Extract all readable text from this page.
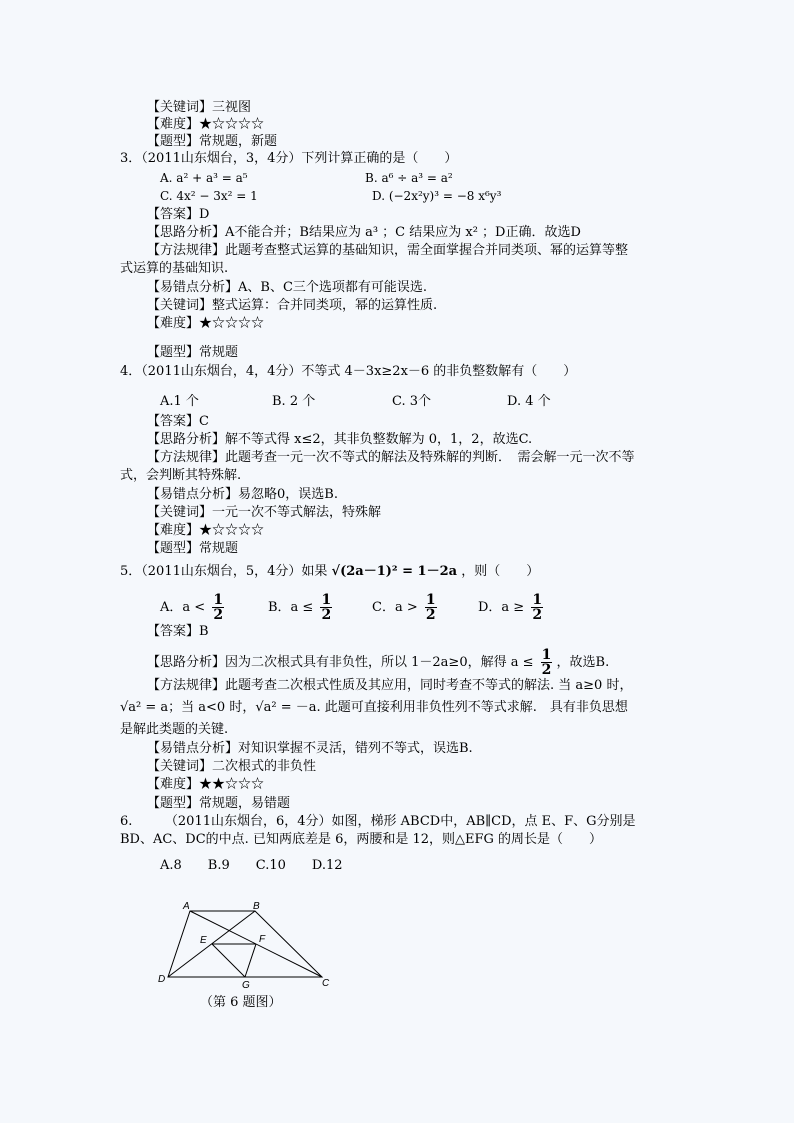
【关键词】三视图
【难度】★☆☆☆☆
【题型】常规题，新题
3．（2011山东烟台，3，4分）下列计算正确的是（　　）
A. a² + a³ = a⁵	B. a⁶ ÷ a³ = a²
C. 4x² − 3x² = 1	D. (−2x²y)³ = −8 x⁶y³
【答案】D
【思路分析】A不能合并；B结果应为 a³ ；C 结果应为 x² ；D正确．故选D
【方法规律】此题考查整式运算的基础知识，需全面掌握合并同类项、幂的运算等整
式运算的基础知识.
【易错点分析】A、B、C三个选项都有可能误选.
【关键词】整式运算：合并同类项，幂的运算性质.
【难度】★☆☆☆☆
【题型】常规题
4．（2011山东烟台，4，4分）不等式 4－3x≥2x－6 的非负整数解有（　　）
A.1 个	B. 2 个	C. 3个	D. 4 个
【答案】C
【思路分析】解不等式得 x≤2，其非负整数解为 0，1，2，故选C.
【方法规律】此题考查一元一次不等式的解法及特殊解的判断．　需会解一元一次不等
式，会判断其特殊解.
【易错点分析】易忽略0，误选B.
【关键词】一元一次不等式解法，特殊解
【难度】★☆☆☆☆
【题型】常规题
5．（2011山东烟台，5，4分）如果 √(2a－1)² = 1－2a ，则（　　）
A．$a < \frac{1}{2}$	B．$a \le \frac{1}{2}$	C．$a > \frac{1}{2}$	D．$a \ge \frac{1}{2}$
【答案】B
【思路分析】因为二次根式具有非负性，所以 1－2a≥0，解得 $a \le \frac{1}{2}$ ，故选B.
【方法规律】此题考查二次根式性质及其应用，同时考查不等式的解法. 当 a≥0 时，
√a² = a；当 a<0 时，√a² = －a. 此题可直接利用非负性列不等式求解.　具有非负思想
是解此类题的关键.
【易错点分析】对知识掌握不灵活，错列不等式，误选B.
【关键词】二次根式的非负性
【难度】★★☆☆☆
【题型】常规题，易错题
6.　　　（2011山东烟台，6，4分）如图，梯形 ABCD中，AB∥CD，点 E、F、G分别是
BD、AC、DC的中点. 已知两底差是 6，两腰和是 12，则△EFG 的周长是（　　）
A.8　　B.9　　C.10　　D.12
A	B
E	F
D
G	C
（第 6 题图）
